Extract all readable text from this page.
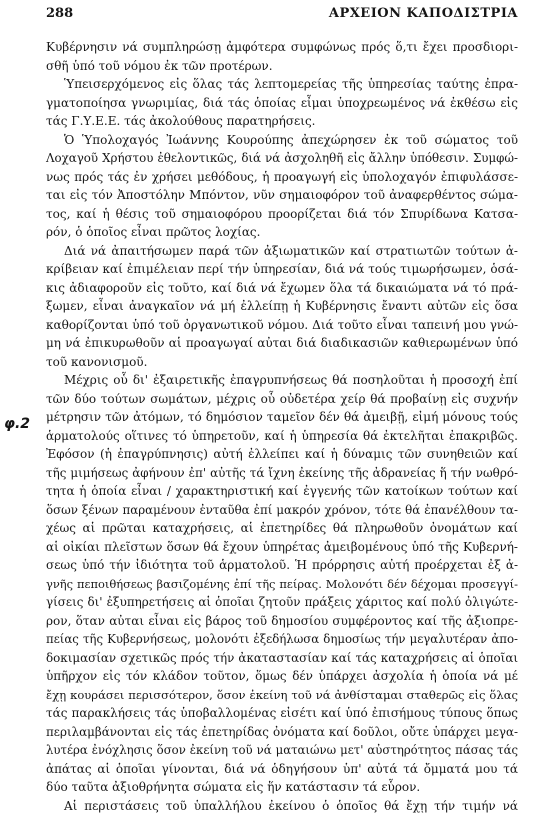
288	ΑΡΧΕΙΟΝ ΚΑΠΟΔΙΣΤΡΙΑ
φ.2
Κυβέρνησιν νά συμπληρώσῃ ἀμφότερα συμφώνως πρός ὅ,τι ἔχει προσδιορι-
σθῆ ὑπό τοῦ νόμου ἐκ τῶν προτέρων.
Ὑπεισερχόμενος εἰς ὅλας τάς λεπτομερείας τῆς ὑπηρεσίας ταύτης ἐπρα-
γματοποίησα γνωριμίας, διά τάς ὁποίας εἶμαι ὑποχρεωμένος νά ἐκθέσω εἰς
τάς Γ.Υ.Ε.Ε. τάς ἀκολούθους παρατηρήσεις.
Ὁ Ὑπολοχαγός Ἰωάννης Κουρούπης ἀπεχώρησεν ἐκ τοῦ σώματος τοῦ
Λοχαγοῦ Χρήστου ἐθελοντικῶς, διά νά ἀσχοληθῆ εἰς ἄλλην ὑπόθεσιν. Συμφώ-
νως πρός τάς ἐν χρήσει μεθόδους, ἡ προαγωγή εἰς ὑπολοχαγόν ἐπιφυλάσσε-
ται εἰς τόν Ἀποστόλην Μπόντον, νῦν σημαιοφόρον τοῦ ἀναφερθέντος σώμα-
τος, καί ἡ θέσις τοῦ σημαιοφόρου προορίζεται διά τόν Σπυρίδωνα Κατσα-
ρόν, ὁ ὁποῖος εἶναι πρῶτος λοχίας.
Διά νά ἀπαιτήσωμεν παρά τῶν ἀξιωματικῶν καί στρατιωτῶν τούτων ἀ-
κρίβειαν καί ἐπιμέλειαν περί τήν ὑπηρεσίαν, διά νά τούς τιμωρήσωμεν, ὁσά-
κις ἀδιαφοροῦν εἰς τοῦτο, καί διά νά ἔχωμεν ὅλα τά δικαιώματα νά τό πρά-
ξωμεν, εἶναι ἀναγκαῖον νά μή ἐλλείπῃ ἡ Κυβέρνησις ἔναντι αὐτῶν εἰς ὅσα
καθορίζονται ὑπό τοῦ ὀργανωτικοῦ νόμου. Διά τοῦτο εἶναι ταπεινή μου γνώ-
μη νά ἐπικυρωθοῦν αἱ προαγωγαί αὐται διά διαδικασιῶν καθιερωμένων ὑπό
τοῦ κανονισμοῦ.
Μέχρις οὗ δι' ἐξαιρετικῆς ἐπαγρυπνήσεως θά ποσηλοῦται ἡ προσοχή ἐπί
τῶν δύο τούτων σωμάτων, μέχρις οὗ οὐδετέρα χείρ θά προβαίνῃ εἰς συχνήν
μέτρησιν τῶν ἀτόμων, τό δημόσιον ταμεῖον δέν θά ἀμειβῇ, εἰμή μόνους τούς
ἁρματολούς οἵτινες τό ὑπηρετοῦν, καί ἡ ὑπηρεσία θά ἐκτελῆται ἐπακριβῶς.
Ἐφόσον (ἡ ἐπαγρύπνησις) αὐτή ἐλλείπει καί ἡ δύναμις τῶν συνηθειῶν καί
τῆς μιμήσεως ἀφήνουν ἐπ' αὐτῆς τά ἴχνη ἐκείνης τῆς ἀδρανείας ἥ τήν νωθρό-
τητα ἡ ὁποία εἶναι / χαρακτηριστική καί ἐγγενής τῶν κατοίκων τούτων καί
ὅσων ξένων παραμένουν ἐνταῦθα ἐπί μακρόν χρόνον, τότε θά ἐπανέλθουν τα-
χέως αἱ πρῶται καταχρήσεις, αἱ ἐπετηρίδες θά πληρωθοῦν ὀνομάτων καί
αἱ οἰκίαι πλεῖστων ὅσων θά ἔχουν ὑπηρέτας ἀμειβομένους ὑπό τῆς Κυβερνή-
σεως ὑπό τήν ἰδιότητα τοῦ ἁρματολοῦ. Ἡ πρόρρησις αὐτή προέρχεται ἐξ ἀ-
γνῆς πεποιθήσεως βασιζομένης ἐπί τῆς πείρας. Μολονότι δέν δέχομαι προσεγγί-
γίσεις δι' ἐξυπηρετήσεις αἱ ὁποῖαι ζητοῦν πράξεις χάριτος καί πολύ ὀλιγώτε-
ρον, ὅταν αὐται εἶναι εἰς βάρος τοῦ δημοσίου συμφέροντος καί τῆς ἀξιοπρε-
πείας τῆς Κυβερνήσεως, μολονότι ἐξεδήλωσα δημοσίως τήν μεγαλυτέραν ἀπο-
δοκιμασίαν σχετικῶς πρός τήν ἀκαταστασίαν καί τάς καταχρήσεις αἱ ὁποῖαι
ὑπῆρχον εἰς τόν κλάδον τοῦτον, ὅμως δέν ὑπάρχει ἀσχολία ἡ ὁποία νά μέ
ἔχῃ κουράσει περισσότερον, ὅσον ἐκείνη τοῦ νά ἀνθίσταμαι σταθερῶς εἰς ὅλας
τάς παρακλήσεις τάς ὑποβαλλομένας εἰσέτι καί ὑπό ἐπισήμους τύπους ὅπως
περιλαμβάνονται εἰς τάς ἐπετηρίδας ὀνόματα καί δοῦλοι, οὔτε ὑπάρχει μεγα-
λυτέρα ἐνόχλησις ὅσον ἐκείνη τοῦ νά ματαιώνω μετ' αὐστηρότητος πάσας τάς
ἀπάτας αἱ ὁποῖαι γίνονται, διά νά ὁδηγήσουν ὑπ' αὐτά τά ὄμματά μου τά
δύο ταῦτα ἀξιοθρήνητα σώματα εἰς ἥν κατάστασιν τά εὗρον.
Αἱ περιστάσεις τοῦ ὑπαλλήλου ἐκείνου ὁ ὁποῖος θά ἔχῃ τήν τιμήν νά
